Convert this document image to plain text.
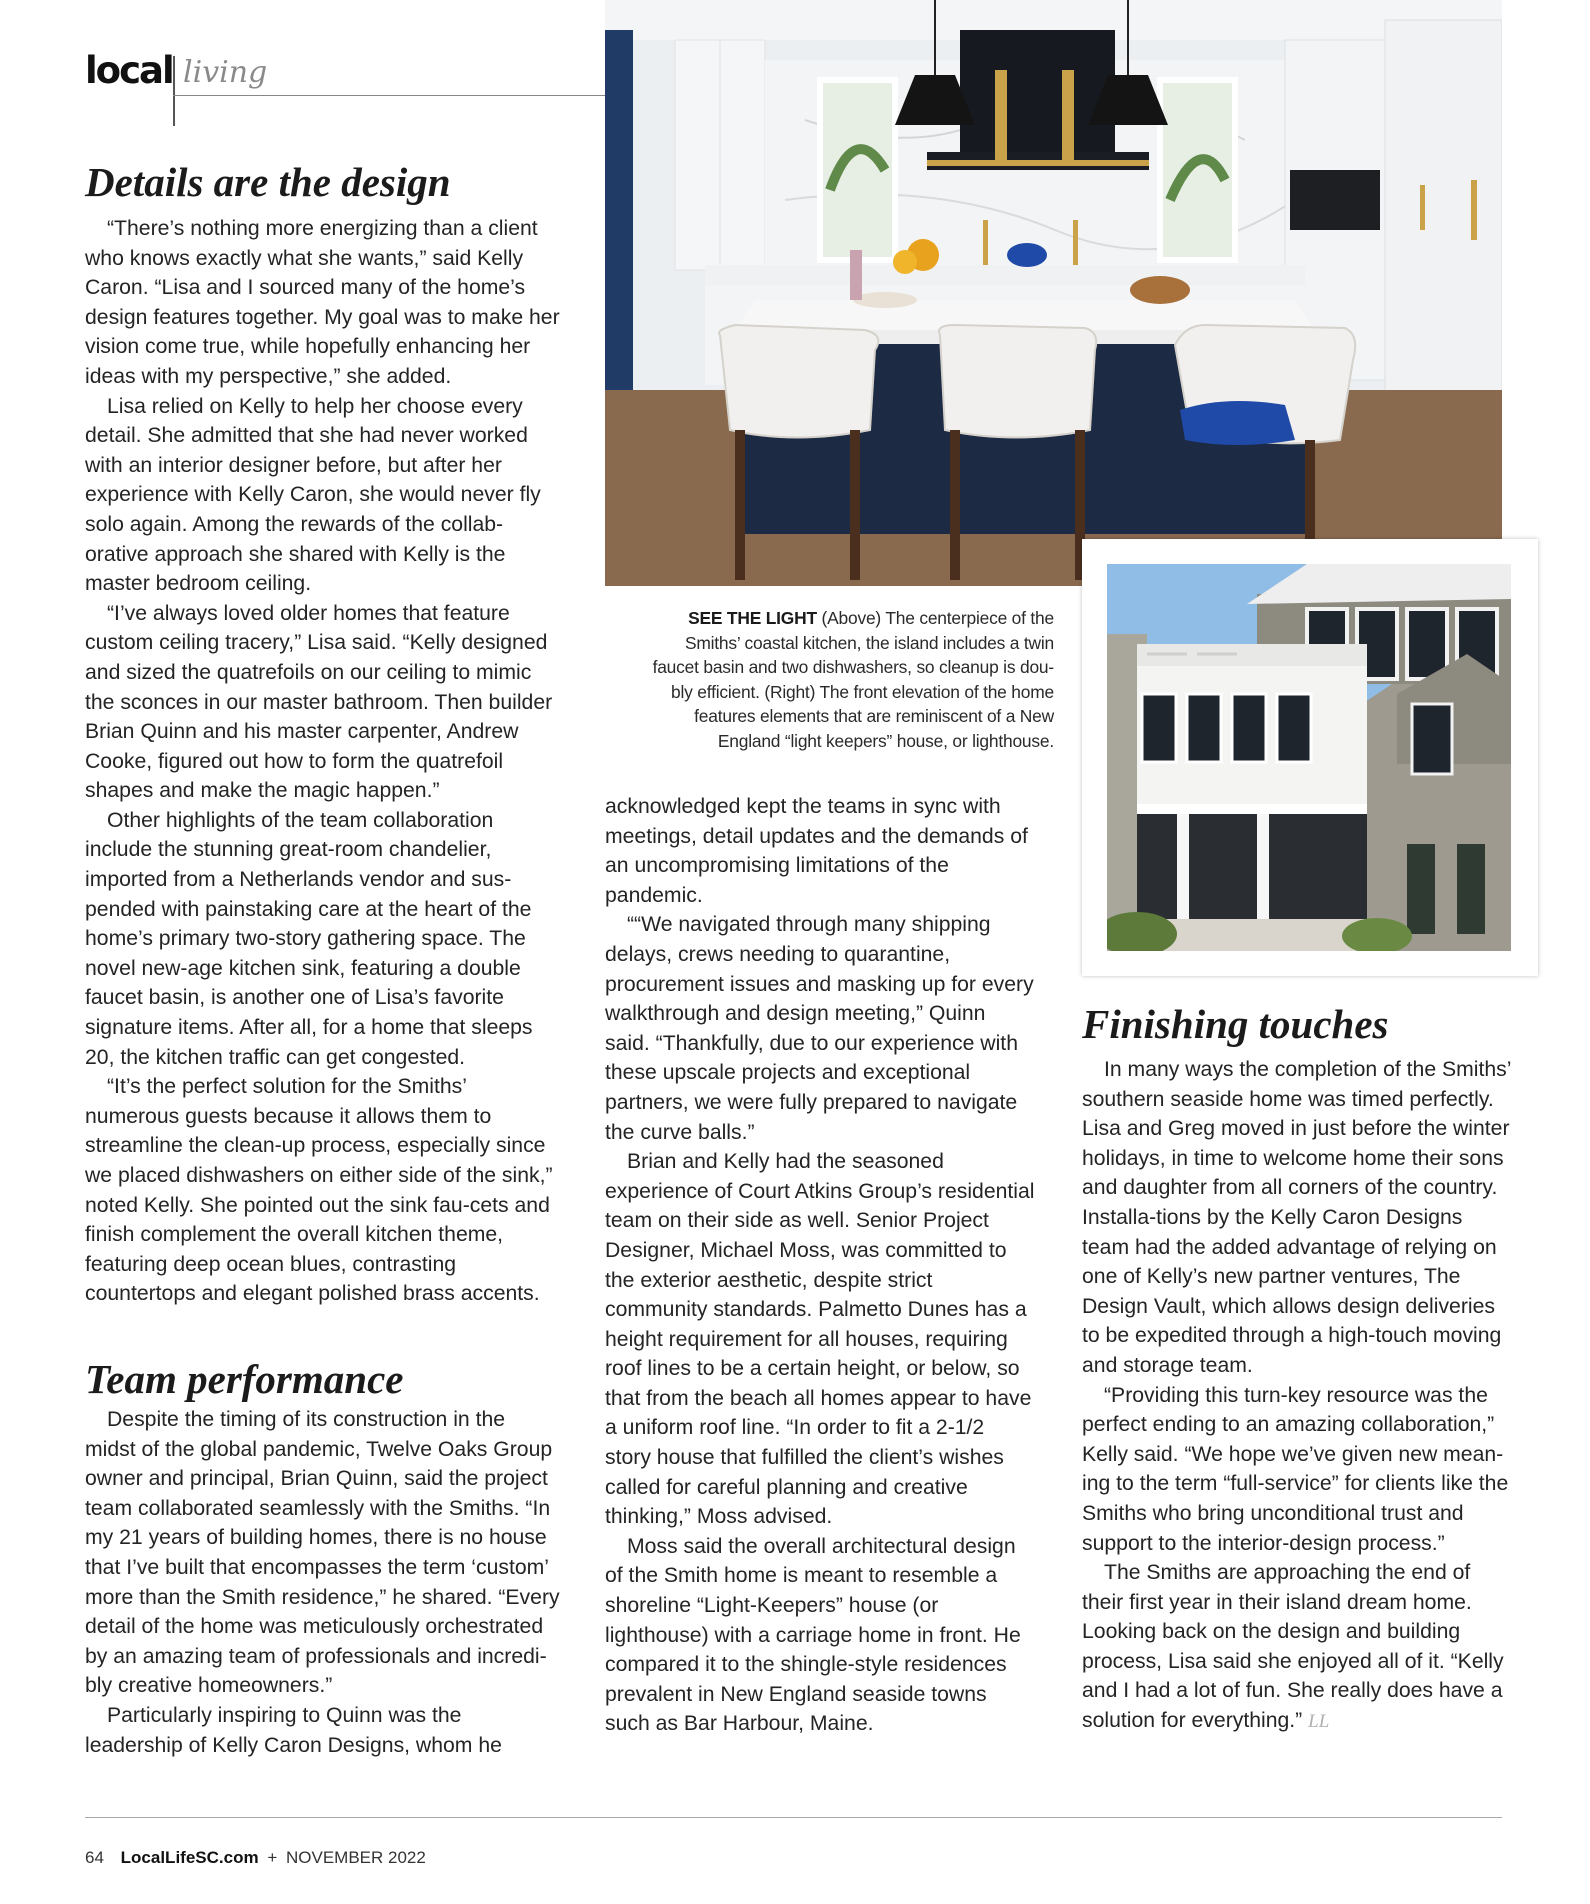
local living
Details are the design

“There’s nothing more energizing than a client who knows exactly what she wants,” said Kelly Caron. “Lisa and I sourced many of the home’s design features together. My goal was to make her vision come true, while hopefully enhancing her ideas with my perspective,” she added.

Lisa relied on Kelly to help her choose every detail. She admitted that she had never worked with an interior designer before, but after her experience with Kelly Caron, she would never fly solo again. Among the rewards of the collab-orative approach she shared with Kelly is the master bedroom ceiling.

“I’ve always loved older homes that feature custom ceiling tracery,” Lisa said. “Kelly designed and sized the quatrefoils on our ceiling to mimic the sconces in our master bathroom. Then builder Brian Quinn and his master carpenter, Andrew Cooke, figured out how to form the quatrefoil shapes and make the magic happen.”

Other highlights of the team collaboration include the stunning great-room chandelier, imported from a Netherlands vendor and sus-pended with painstaking care at the heart of the home’s primary two-story gathering space. The novel new-age kitchen sink, featuring a double faucet basin, is another one of Lisa’s favorite signature items. After all, for a home that sleeps 20, the kitchen traffic can get congested.

“It’s the perfect solution for the Smiths’ numerous guests because it allows them to streamline the clean-up process, especially since we placed dishwashers on either side of the sink,” noted Kelly. She pointed out the sink fau-cets and finish complement the overall kitchen theme, featuring deep ocean blues, contrasting countertops and elegant polished brass accents.

Team performance

Despite the timing of its construction in the midst of the global pandemic, Twelve Oaks Group owner and principal, Brian Quinn, said the project team collaborated seamlessly with the Smiths. “In my 21 years of building homes, there is no house that I’ve built that encompasses the term ‘custom’ more than the Smith residence,” he shared. “Every detail of the home was meticulously orchestrated by an amazing team of professionals and incredi-bly creative homeowners.”

Particularly inspiring to Quinn was the leadership of Kelly Caron Designs, whom he

SEE THE LIGHT (Above) The centerpiece of the Smiths’ coastal kitchen, the island includes a twin faucet basin and two dishwashers, so cleanup is dou-bly efficient. (Right) The front elevation of the home features elements that are reminiscent of a New England “light keepers” house, or lighthouse.

acknowledged kept the teams in sync with meetings, detail updates and the demands of an uncompromising limitations of the pandemic.

““We navigated through many shipping delays, crews needing to quarantine, procurement issues and masking up for every walkthrough and design meeting,” Quinn said. “Thankfully, due to our experience with these upscale projects and exceptional partners, we were fully prepared to navigate the curve balls.”

Brian and Kelly had the seasoned experience of Court Atkins Group’s residential team on their side as well. Senior Project Designer, Michael Moss, was committed to the exterior aesthetic, despite strict community standards. Palmetto Dunes has a height requirement for all houses, requiring roof lines to be a certain height, or below, so that from the beach all homes appear to have a uniform roof line. “In order to fit a 2-1/2 story house that fulfilled the client’s wishes called for careful planning and creative thinking,” Moss advised.

Moss said the overall architectural design of the Smith home is meant to resemble a shoreline “Light-Keepers” house (or lighthouse) with a carriage home in front. He compared it to the shingle-style residences prevalent in New England seaside towns such as Bar Harbour, Maine.

Finishing touches

In many ways the completion of the Smiths’ southern seaside home was timed perfectly. Lisa and Greg moved in just before the winter holidays, in time to welcome home their sons and daughter from all corners of the country. Installa-tions by the Kelly Caron Designs team had the added advantage of relying on one of Kelly’s new partner ventures, The Design Vault, which allows design deliveries to be expedited through a high-touch moving and storage team.

“Providing this turn-key resource was the perfect ending to an amazing collaboration,” Kelly said. “We hope we’ve given new mean-ing to the term “full-service” for clients like the Smiths who bring unconditional trust and support to the interior-design process.”

The Smiths are approaching the end of their first year in their island dream home. Looking back on the design and building process, Lisa said she enjoyed all of it. “Kelly and I had a lot of fun. She really does have a solution for everything.” LL

64 LocalLifeSC.com + NOVEMBER 2022
